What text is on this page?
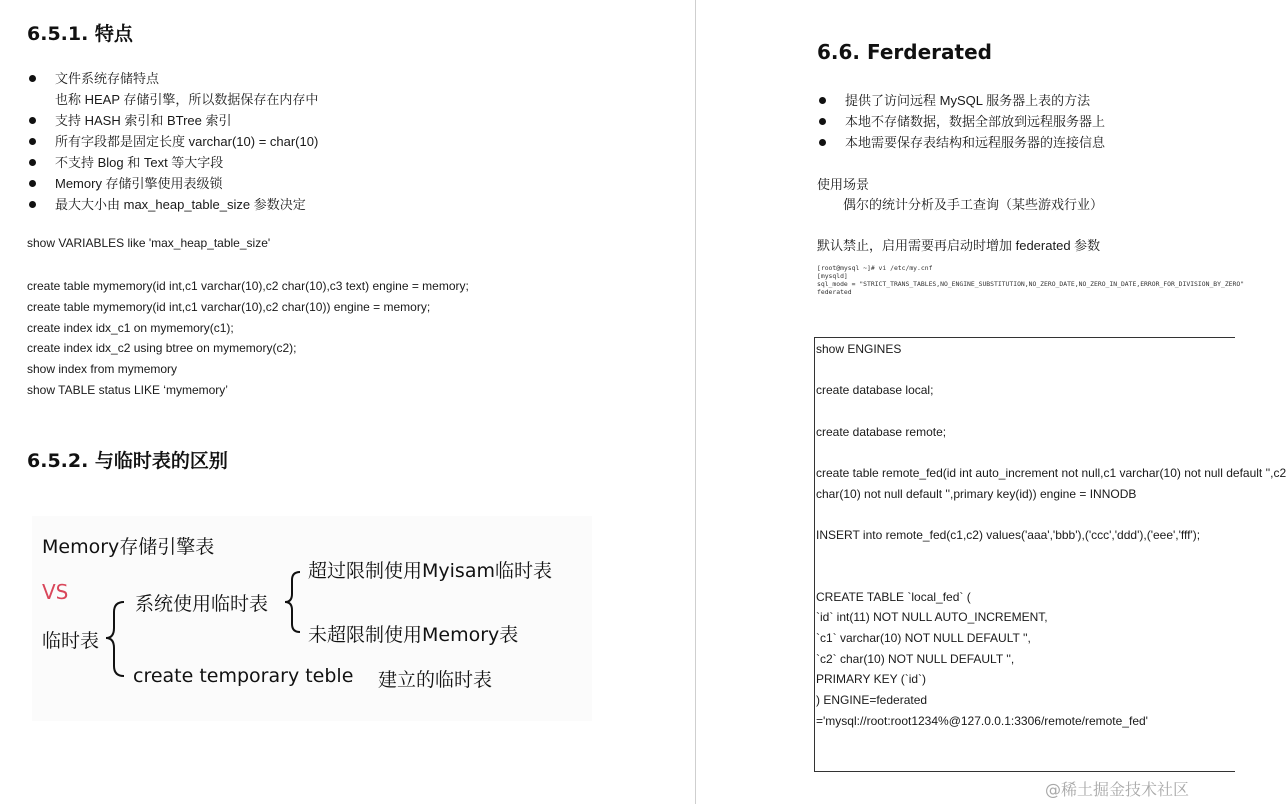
6.5.1. 特点
文件系统存储特点
也称 HEAP 存储引擎，所以数据保存在内存中
支持 HASH 索引和 BTree 索引
所有字段都是固定长度 varchar(10) = char(10)
不支持 Blog 和 Text 等大字段
Memory 存储引擎使用表级锁
最大大小由 max_heap_table_size 参数决定

show VARIABLES like 'max_heap_table_size'

create table mymemory(id int,c1 varchar(10),c2 char(10),c3 text) engine = memory;
create table mymemory(id int,c1 varchar(10),c2 char(10)) engine = memory;
create index idx_c1 on mymemory(c1);
create index idx_c2 using btree on mymemory(c2);
show index from mymemory
show TABLE status LIKE ‘mymemory’
6.5.2. 与临时表的区别
Memory存储引擎表
VS
临时表
系统使用临时表
超过限制使用Myisam临时表
未超限制使用Memory表
create temporary teble 建立的临时表
6.6. Ferderated
提供了访问远程 MySQL 服务器上表的方法
本地不存储数据，数据全部放到远程服务器上
本地需要保存表结构和远程服务器的连接信息

使用场景

偶尔的统计分析及手工查询（某些游戏行业）

默认禁止，启用需要再启动时增加 federated 参数

[root@mysql ~]# vi /etc/my.cnf
[mysqld]
sql_mode = "STRICT_TRANS_TABLES,NO_ENGINE_SUBSTITUTION,NO_ZERO_DATE,NO_ZERO_IN_DATE,ERROR_FOR_DIVISION_BY_ZERO"
federated
show ENGINES
create database local;
create database remote;
create table remote_fed(id int auto_increment not null,c1 varchar(10) not null default '',c2
char(10) not null default '',primary key(id)) engine = INNODB
INSERT into remote_fed(c1,c2) values('aaa','bbb'),('ccc','ddd'),('eee','fff');
CREATE TABLE `local_fed` (
`id` int(11) NOT NULL AUTO_INCREMENT,
`c1` varchar(10) NOT NULL DEFAULT '',
`c2` char(10) NOT NULL DEFAULT '',
PRIMARY KEY (`id`)
) ENGINE=federated
='mysql://root:root1234%@127.0.0.1:3306/remote/remote_fed'
@稀土掘金技术社区
